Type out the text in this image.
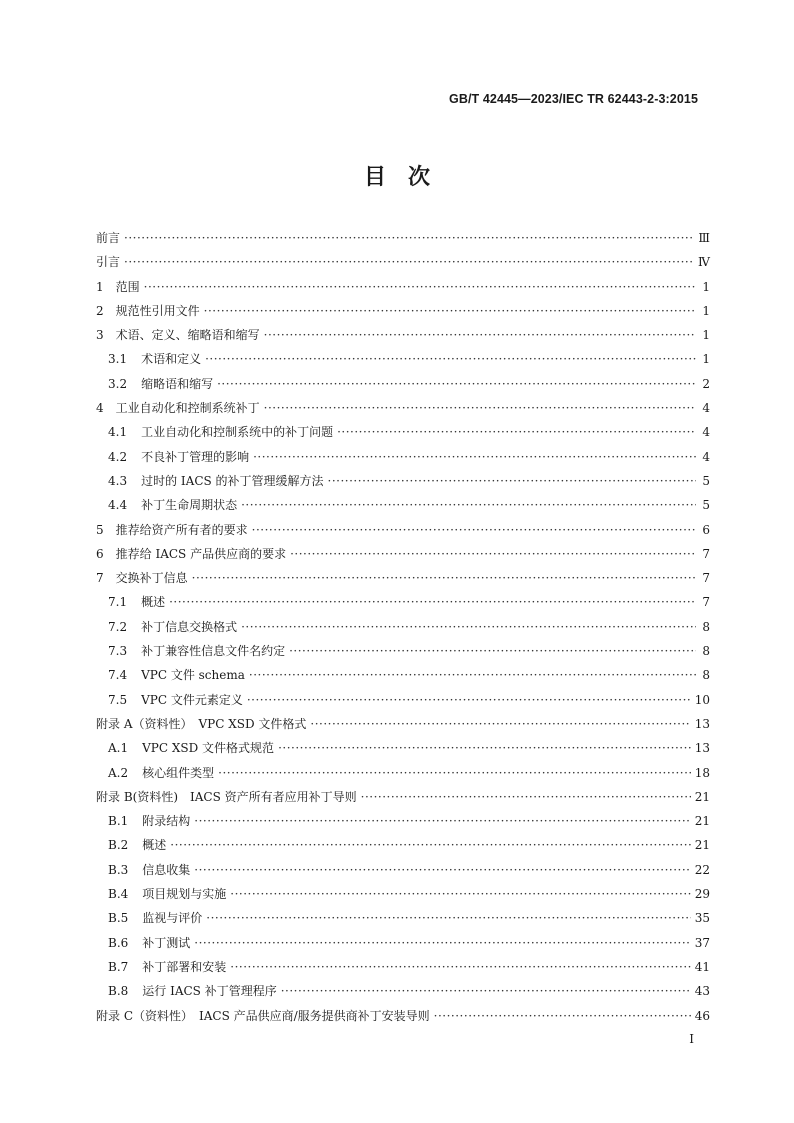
GB/T 42445—2023/IEC TR 62443-2-3:2015
目　次
前言 ·····	Ⅲ
引言 ·····	Ⅳ
1	范围 ·····	1
2	规范性引用文件 ·····	1
3	术语、定义、缩略语和缩写 ·····	1
3.1	术语和定义 ·····	1
3.2	缩略语和缩写 ·····	2
4	工业自动化和控制系统补丁 ·····	4
4.1	工业自动化和控制系统中的补丁问题 ·····	4
4.2	不良补丁管理的影响 ·····	4
4.3	过时的 IACS 的补丁管理缓解方法 ·····	5
4.4	补丁生命周期状态 ·····	5
5	推荐给资产所有者的要求 ·····	6
6	推荐给 IACS 产品供应商的要求 ·····	7
7	交换补丁信息 ·····	7
7.1	概述 ·····	7
7.2	补丁信息交换格式 ·····	8
7.3	补丁兼容性信息文件名约定 ·····	8
7.4	VPC 文件 schema ·····	8
7.5	VPC 文件元素定义 ·····	10
附录 A（资料性）　VPC XSD 文件格式 ·····	13
A.1	VPC XSD 文件格式规范 ·····	13
A.2	核心组件类型 ·····	18
附录 B(资料性)　IACS 资产所有者应用补丁导则 ·····	21
B.1	附录结构 ·····	21
B.2	概述 ·····	21
B.3	信息收集 ·····	22
B.4	项目规划与实施 ·····	29
B.5	监视与评价 ·····	35
B.6	补丁测试 ·····	37
B.7	补丁部署和安装 ·····	41
B.8	运行 IACS 补丁管理程序 ·····	43
附录 C（资料性）　IACS 产品供应商/服务提供商补丁安装导则 ·····	46
I
